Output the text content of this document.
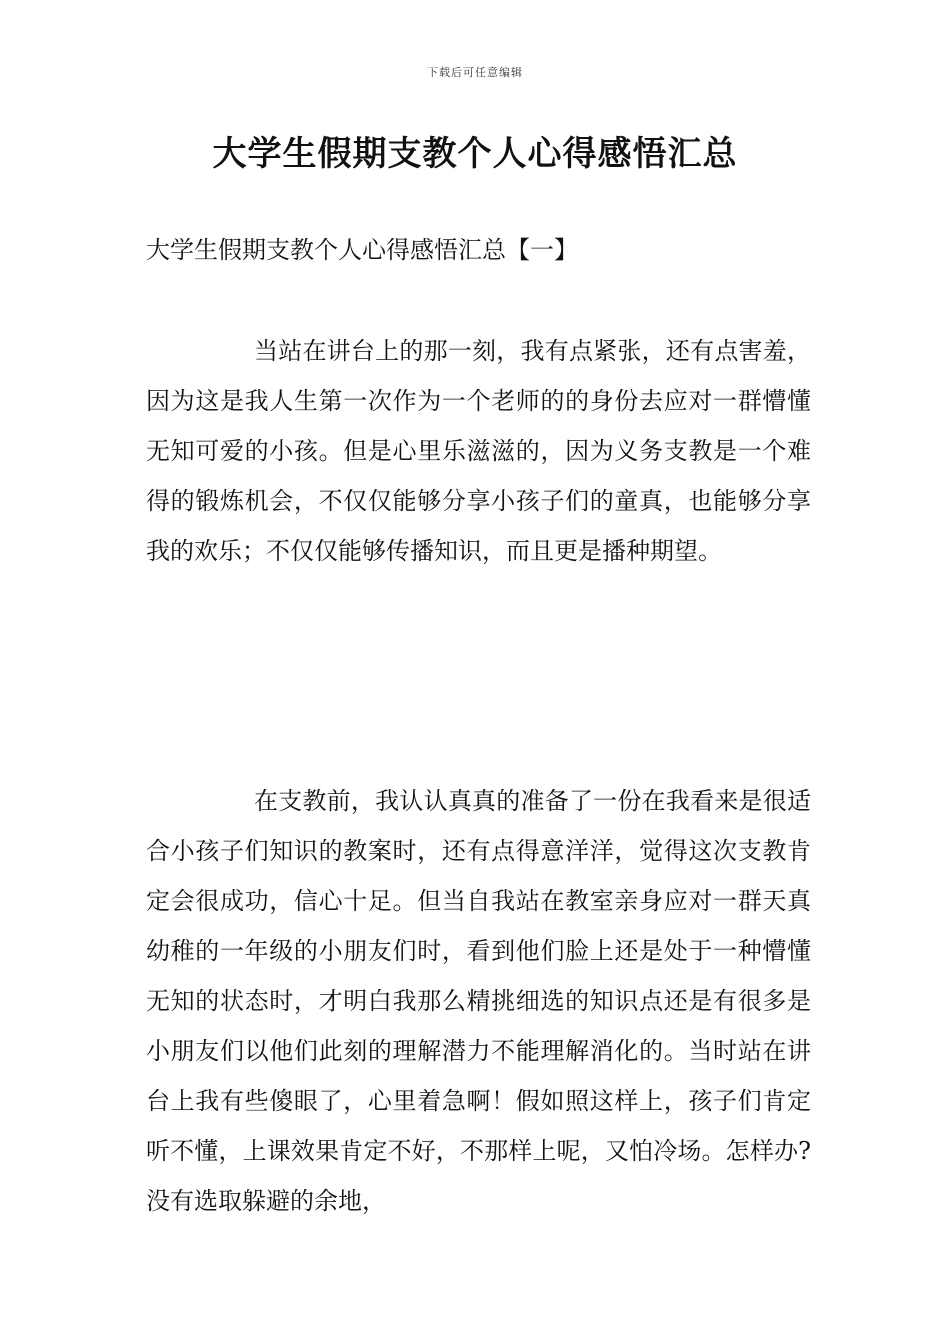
下载后可任意编辑
大学生假期支教个人心得感悟汇总
大学生假期支教个人心得感悟汇总【一】

当站在讲台上的那一刻，我有点紧张，还有点害羞，因为这是我人生第一次作为一个老师的的身份去应对一群懵懂无知可爱的小孩。但是心里乐滋滋的，因为义务支教是一个难得的锻炼机会，不仅仅能够分享小孩子们的童真，也能够分享我的欢乐；不仅仅能够传播知识，而且更是播种期望。

在支教前，我认认真真的准备了一份在我看来是很适合小孩子们知识的教案时，还有点得意洋洋，觉得这次支教肯定会很成功，信心十足。但当自我站在教室亲身应对一群天真幼稚的一年级的小朋友们时，看到他们脸上还是处于一种懵懂无知的状态时，才明白我那么精挑细选的知识点还是有很多是小朋友们以他们此刻的理解潜力不能理解消化的。当时站在讲台上我有些傻眼了，心里着急啊！假如照这样上，孩子们肯定听不懂，上课效果肯定不好，不那样上呢，又怕冷场。怎样办?没有选取躲避的余地，
